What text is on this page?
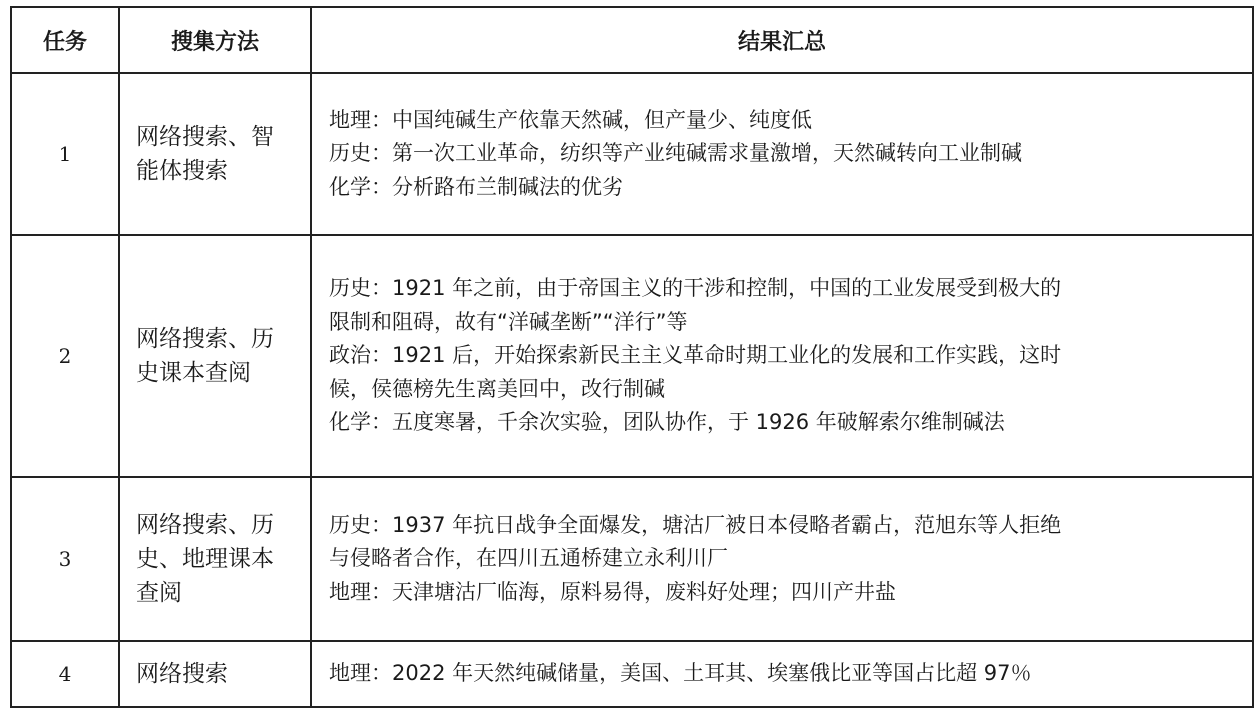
任务	搜集方法	结果汇总
1	网络搜索、智
能体搜索	地理：中国纯碱生产依靠天然碱，但产量少、纯度低
历史：第一次工业革命，纺织等产业纯碱需求量激增，天然碱转向工业制碱
化学：分析路布兰制碱法的优劣

2	网络搜索、历
史课本查阅	历史：1921 年之前，由于帝国主义的干涉和控制，中国的工业发展受到极大的
限制和阻碍，故有“洋碱垄断”“洋行”等
政治：1921 后，开始探索新民主主义革命时期工业化的发展和工作实践，这时
候，侯德榜先生离美回中，改行制碱
化学：五度寒暑，千余次实验，团队协作，于 1926 年破解索尔维制碱法

3	网络搜索、历
史、地理课本
查阅	历史：1937 年抗日战争全面爆发，塘沽厂被日本侵略者霸占，范旭东等人拒绝
与侵略者合作，在四川五通桥建立永利川厂
地理：天津塘沽厂临海，原料易得，废料好处理；四川产井盐

4	网络搜索	地理：2022 年天然纯碱储量，美国、土耳其、埃塞俄比亚等国占比超 97％
